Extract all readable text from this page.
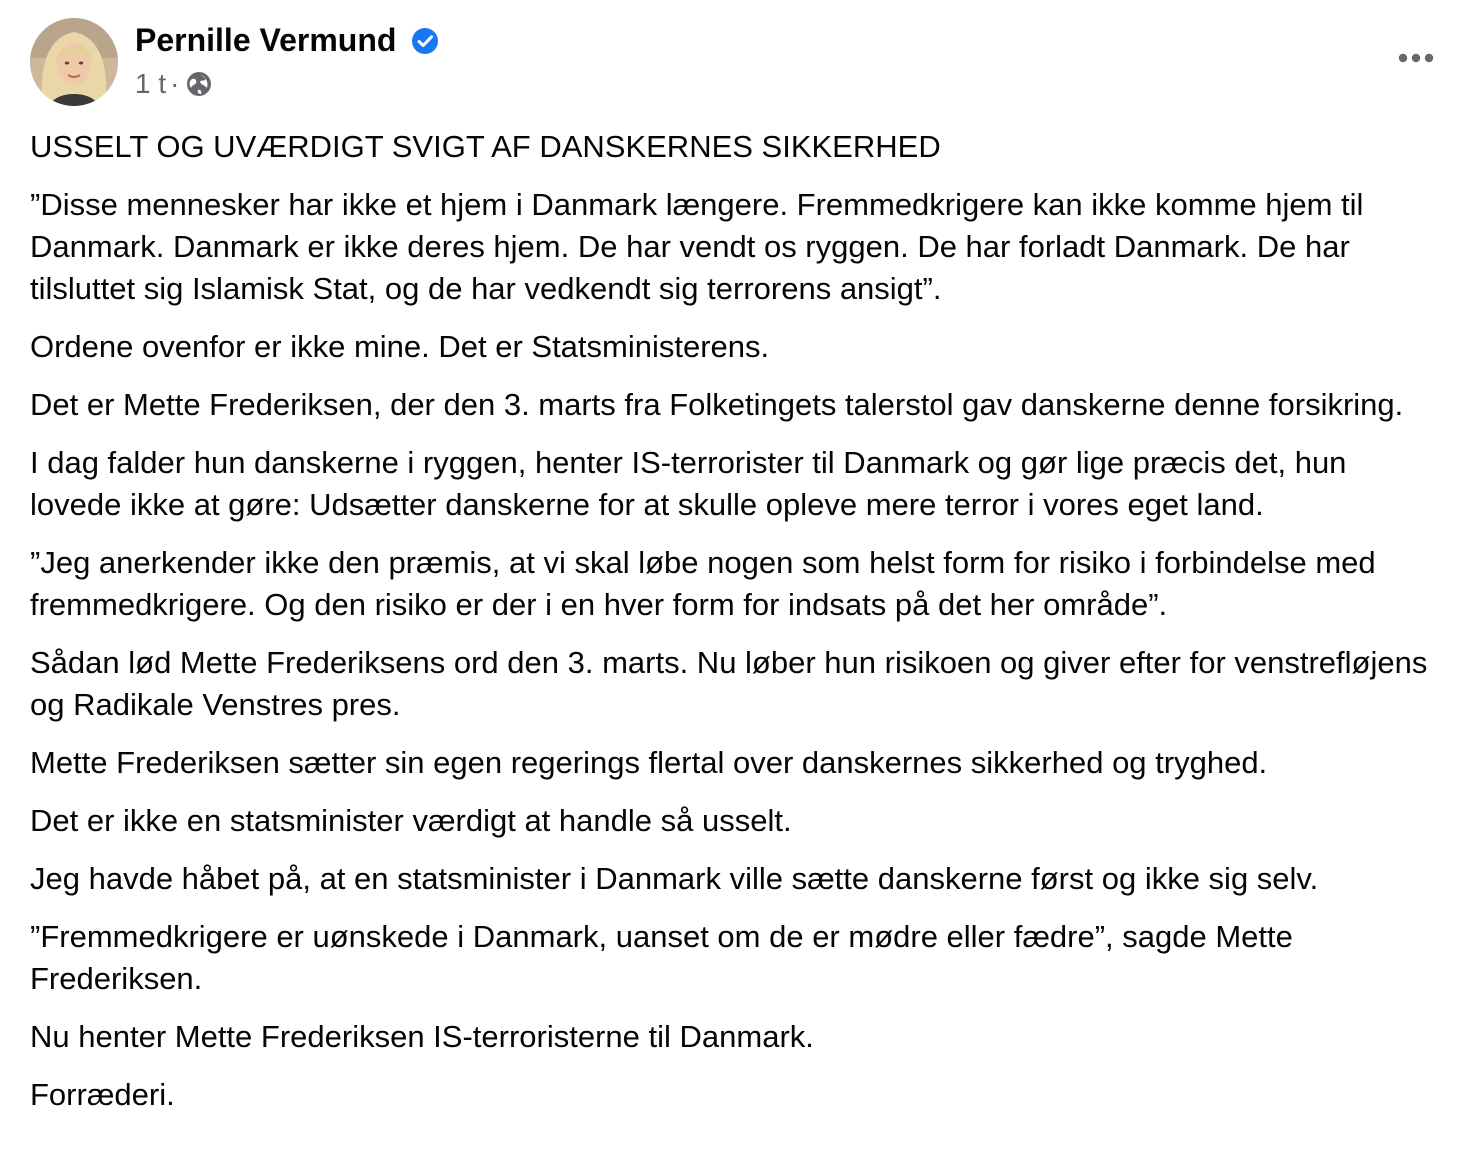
Pernille Vermund
1 t ·

USSELT OG UVÆRDIGT SVIGT AF DANSKERNES SIKKERHED

”Disse mennesker har ikke et hjem i Danmark længere. Fremmedkrigere kan ikke komme hjem til Danmark. Danmark er ikke deres hjem. De har vendt os ryggen. De har forladt Danmark. De har tilsluttet sig Islamisk Stat, og de har vedkendt sig terrorens ansigt”.

Ordene ovenfor er ikke mine. Det er Statsministerens.

Det er Mette Frederiksen, der den 3. marts fra Folketingets talerstol gav danskerne denne forsikring.

I dag falder hun danskerne i ryggen, henter IS-terrorister til Danmark og gør lige præcis det, hun lovede ikke at gøre: Udsætter danskerne for at skulle opleve mere terror i vores eget land.

”Jeg anerkender ikke den præmis, at vi skal løbe nogen som helst form for risiko i forbindelse med fremmedkrigere. Og den risiko er der i en hver form for indsats på det her område”.

Sådan lød Mette Frederiksens ord den 3. marts. Nu løber hun risikoen og giver efter for venstrefløjens og Radikale Venstres pres.

Mette Frederiksen sætter sin egen regerings flertal over danskernes sikkerhed og tryghed.

Det er ikke en statsminister værdigt at handle så usselt.

Jeg havde håbet på, at en statsminister i Danmark ville sætte danskerne først og ikke sig selv.

”Fremmedkrigere er uønskede i Danmark, uanset om de er mødre eller fædre”, sagde Mette Frederiksen.

Nu henter Mette Frederiksen IS-terroristerne til Danmark.

Forræderi.
